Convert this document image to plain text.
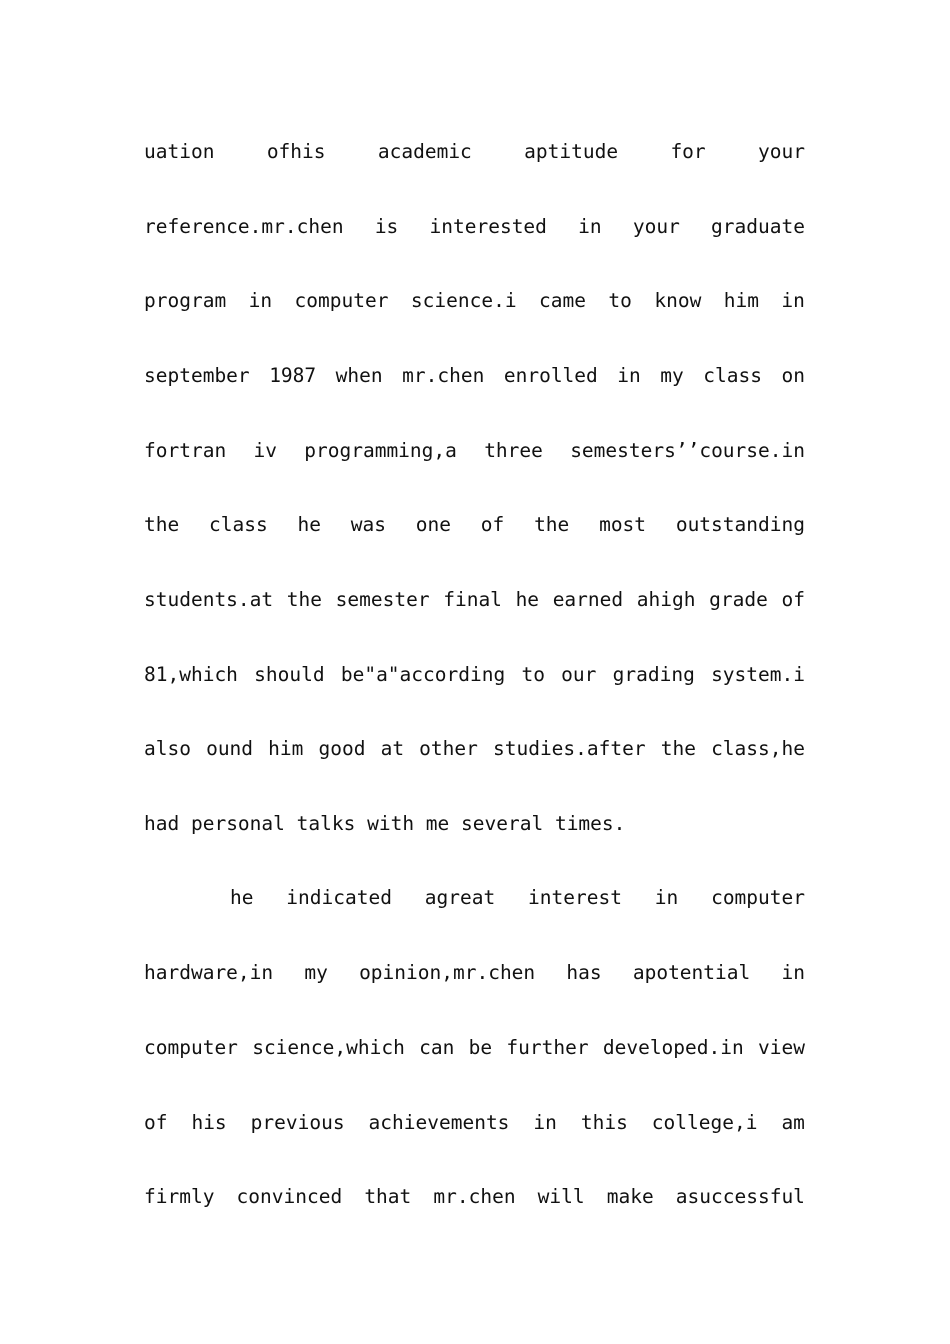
uation	ofhis	academic	aptitude	for	your
reference.mr.chen is interested in your graduate
program in computer science.i came to know him in
september 1987 when mr.chen enrolled in my class on
fortran iv programming,a three semesters’’course.in
the class he was one of the most outstanding
students.at the semester final he earned ahigh grade of
81,which should be"a"according to our grading system.i
also ound him good at other studies.after the class,he
had personal talks with me several times.
he indicated agreat interest in computer
hardware,in my opinion,mr.chen has apotential in
computer science,which can be further developed.in view
of his previous achievements in this college,i am
firmly convinced that mr.chen will make asuccessful
